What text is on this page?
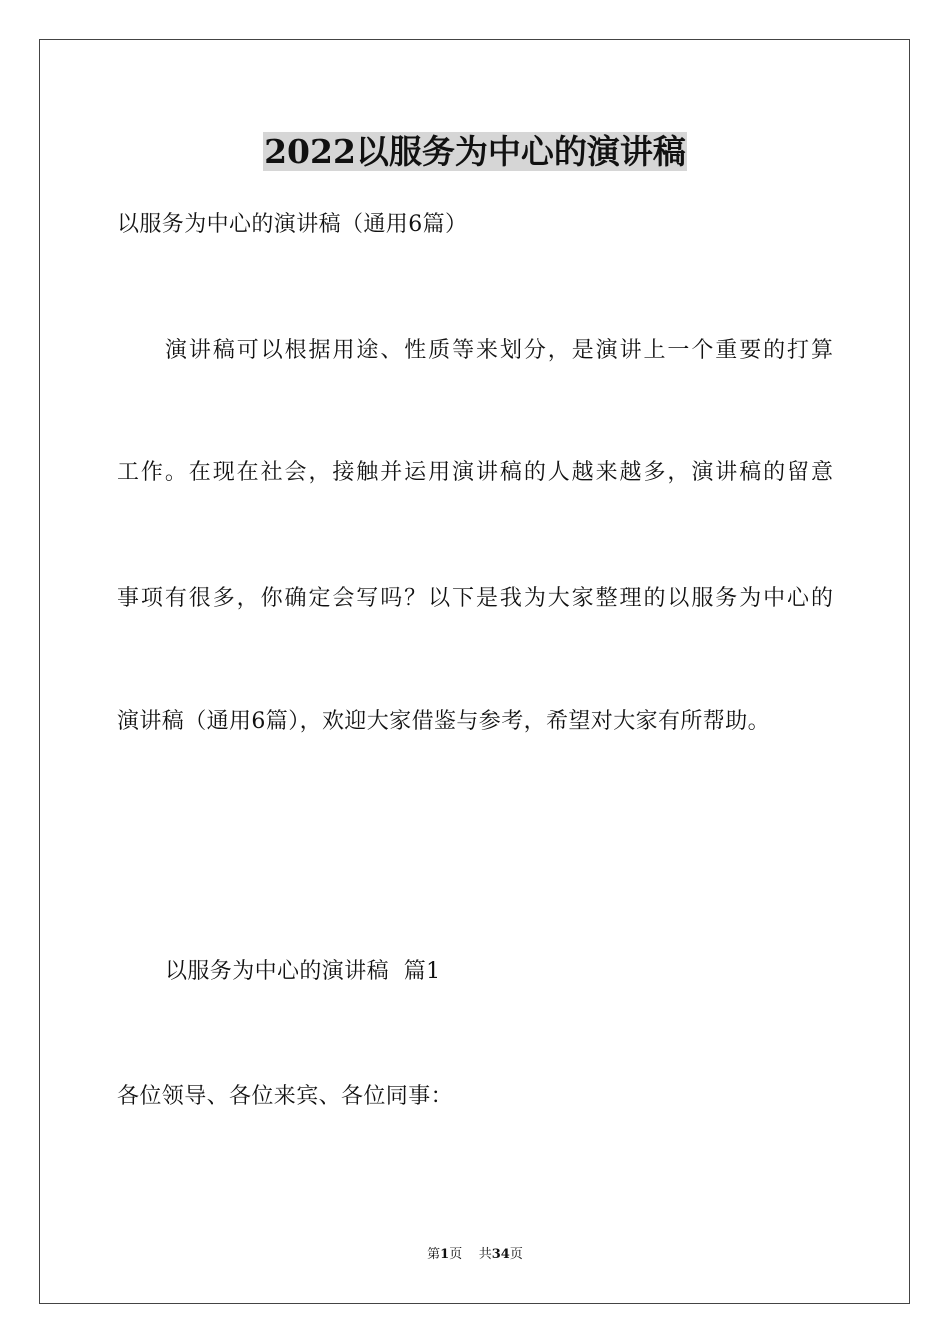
2022以服务为中心的演讲稿
以服务为中心的演讲稿（通用6篇）
演讲稿可以根据用途、性质等来划分，是演讲上一个重要的打算
工作。在现在社会，接触并运用演讲稿的人越来越多，演讲稿的留意
事项有很多，你确定会写吗？以下是我为大家整理的以服务为中心的
演讲稿（通用6篇），欢迎大家借鉴与参考，希望对大家有所帮助。
以服务为中心的演讲稿  篇1
各位领导、各位来宾、各位同事：
第1页    共34页
